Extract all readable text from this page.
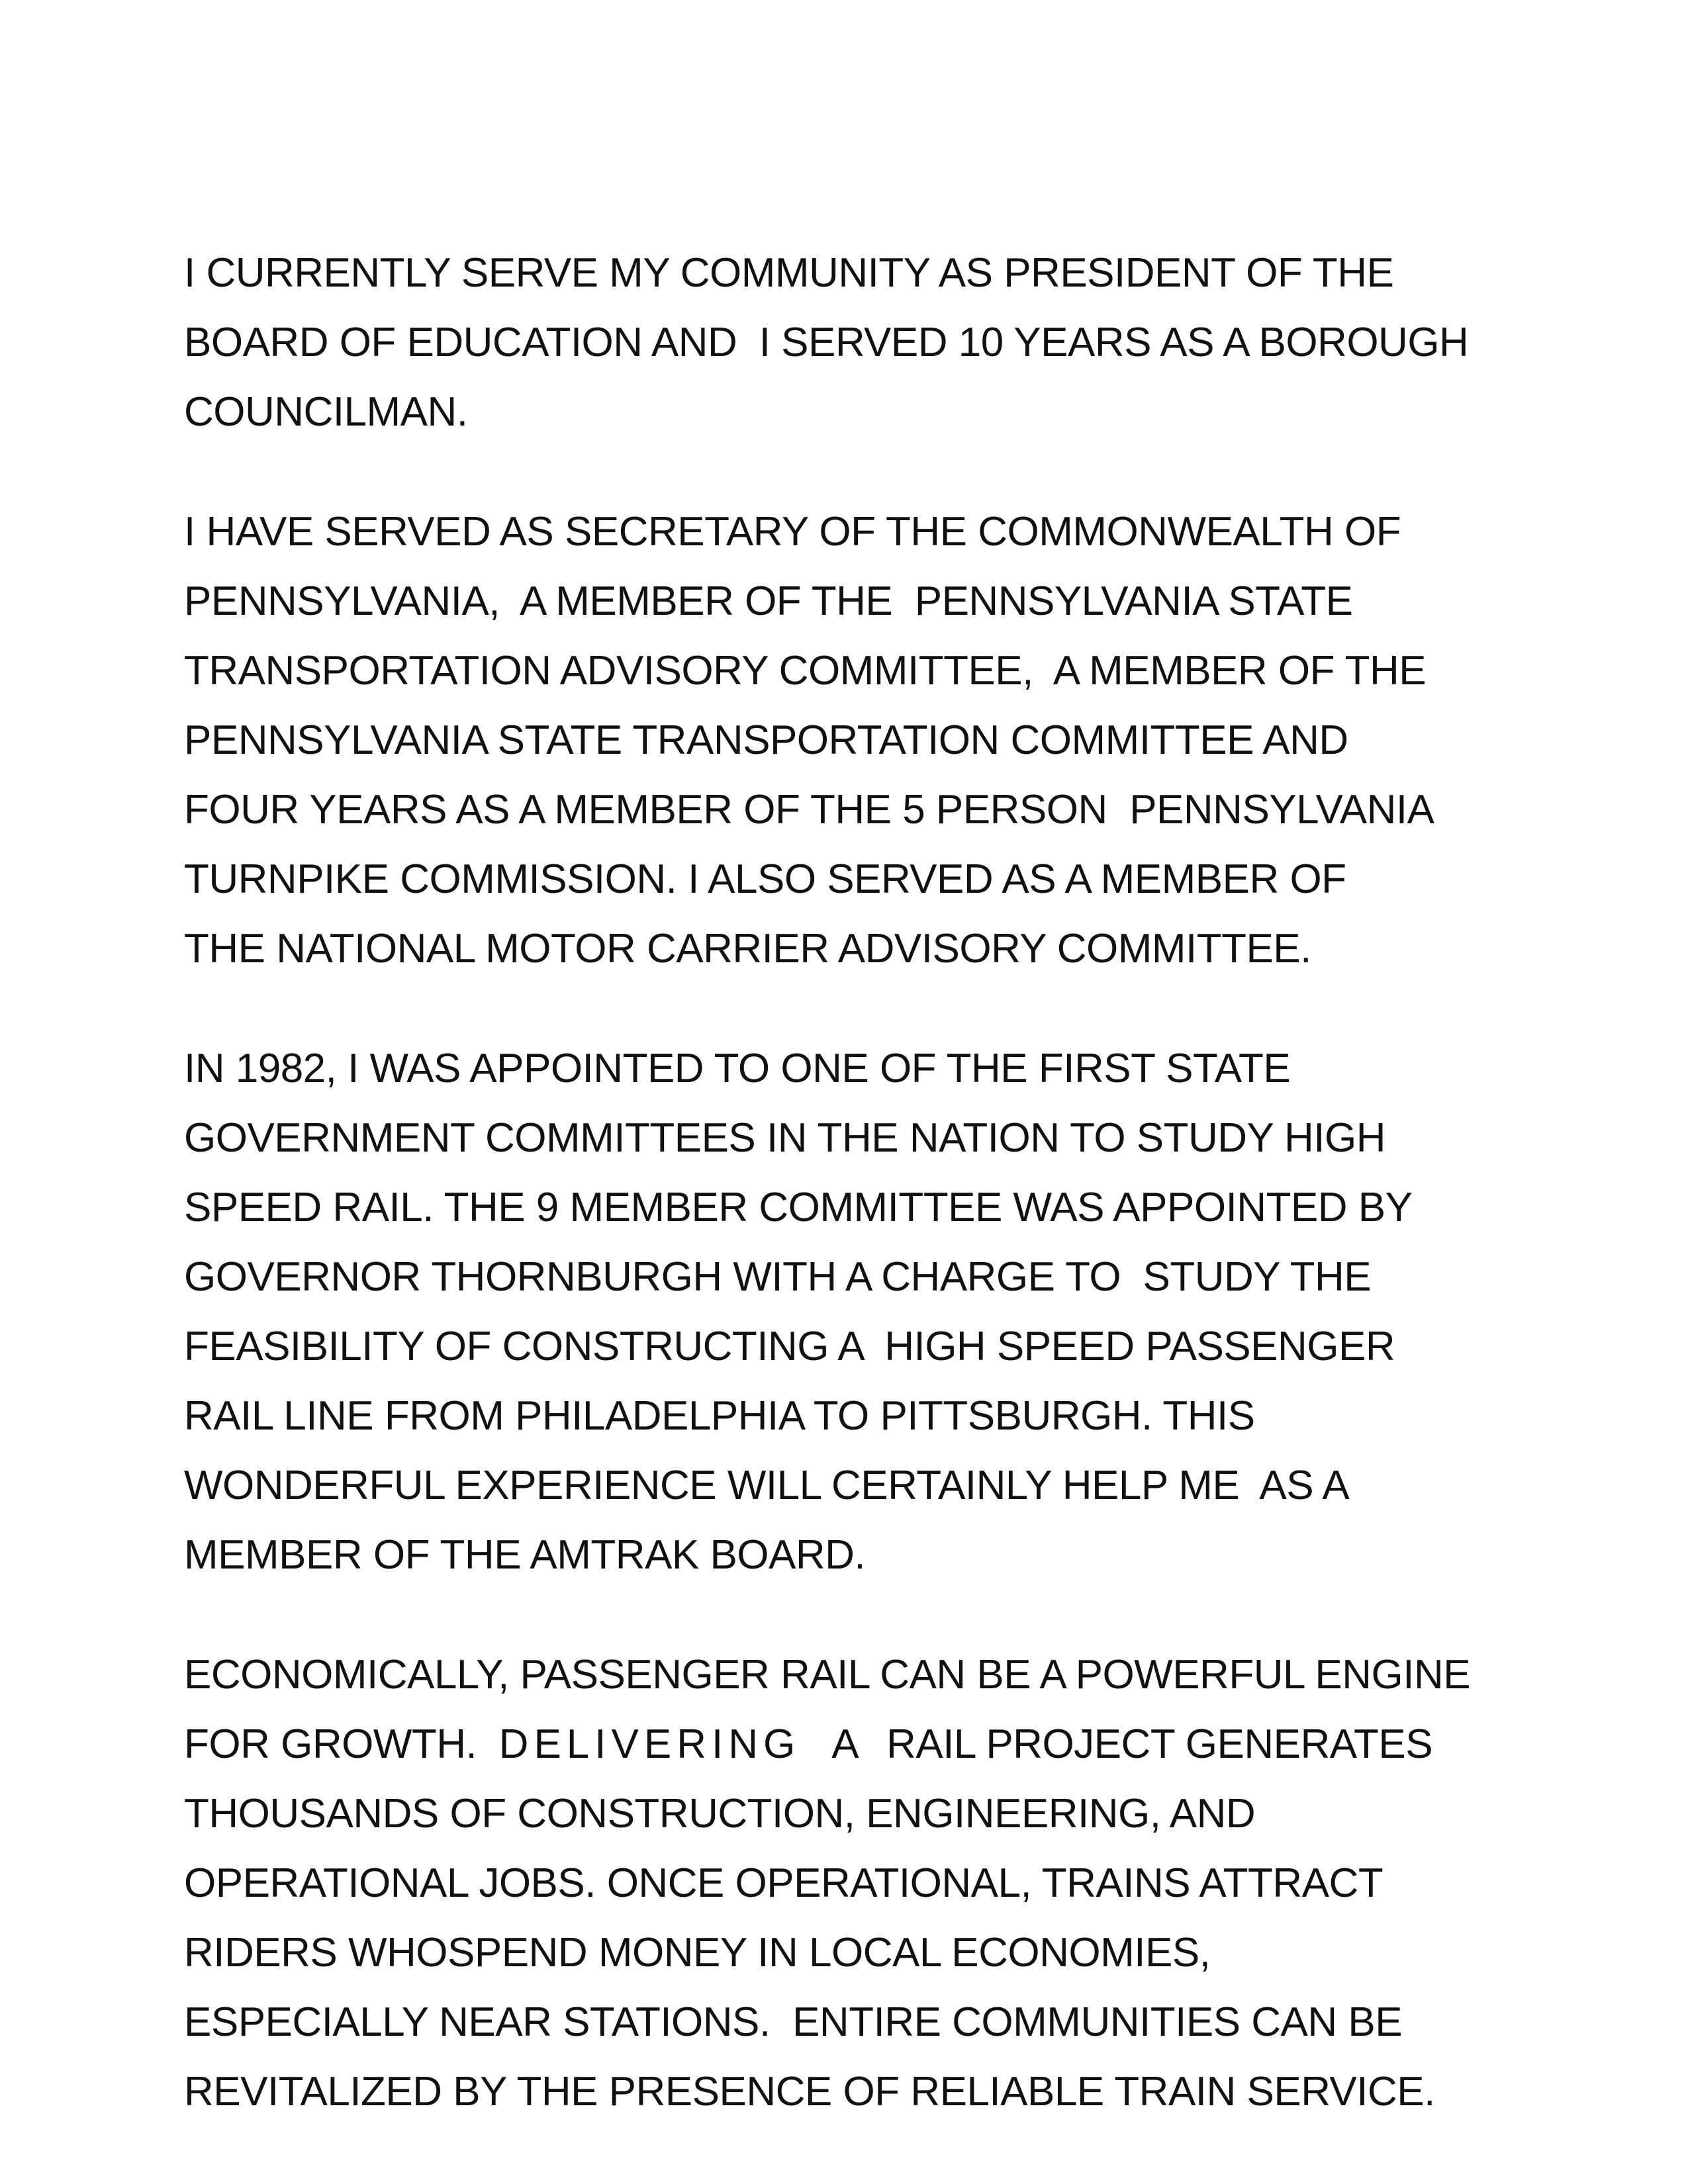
I CURRENTLY SERVE MY COMMUNITY AS PRESIDENT OF THE
BOARD OF EDUCATION AND  I SERVED 10 YEARS AS A BOROUGH
COUNCILMAN.

I HAVE SERVED AS SECRETARY OF THE COMMONWEALTH OF
PENNSYLVANIA,  A MEMBER OF THE  PENNSYLVANIA STATE
TRANSPORTATION ADVISORY COMMITTEE,  A MEMBER OF THE
PENNSYLVANIA STATE TRANSPORTATION COMMITTEE AND
FOUR YEARS AS A MEMBER OF THE 5 PERSON  PENNSYLVANIA
TURNPIKE COMMISSION. I ALSO SERVED AS A MEMBER OF
THE NATIONAL MOTOR CARRIER ADVISORY COMMITTEE.

IN 1982, I WAS APPOINTED TO ONE OF THE FIRST STATE
GOVERNMENT COMMITTEES IN THE NATION TO STUDY HIGH
SPEED RAIL. THE 9 MEMBER COMMITTEE WAS APPOINTED BY
GOVERNOR THORNBURGH WITH A CHARGE TO  STUDY THE
FEASIBILITY OF CONSTRUCTING A  HIGH SPEED PASSENGER
RAIL LINE FROM PHILADELPHIA TO PITTSBURGH. THIS
WONDERFUL EXPERIENCE WILL CERTAINLY HELP ME  AS A
MEMBER OF THE AMTRAK BOARD.

ECONOMICALLY, PASSENGER RAIL CAN BE A POWERFUL ENGINE
FOR GROWTH.  DELIVERING  A  RAIL PROJECT GENERATES
THOUSANDS OF CONSTRUCTION, ENGINEERING, AND
OPERATIONAL JOBS. ONCE OPERATIONAL, TRAINS ATTRACT
RIDERS WHOSPEND MONEY IN LOCAL ECONOMIES,
ESPECIALLY NEAR STATIONS.  ENTIRE COMMUNITIES CAN BE
REVITALIZED BY THE PRESENCE OF RELIABLE TRAIN SERVICE.
